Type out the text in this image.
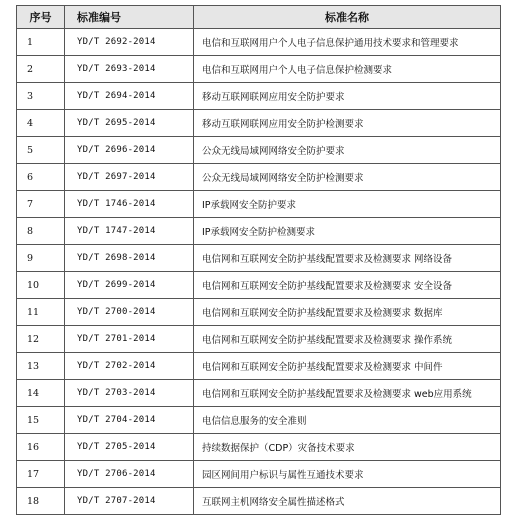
序号	标准编号	标准名称
1	YD/T 2692-2014	电信和互联网用户个人电子信息保护通用技术要求和管理要求
2	YD/T 2693-2014	电信和互联网用户个人电子信息保护检测要求
3	YD/T 2694-2014	移动互联网联网应用安全防护要求
4	YD/T 2695-2014	移动互联网联网应用安全防护检测要求
5	YD/T 2696-2014	公众无线局域网网络安全防护要求
6	YD/T 2697-2014	公众无线局域网网络安全防护检测要求
7	YD/T 1746-2014	IP承载网安全防护要求
8	YD/T 1747-2014	IP承载网安全防护检测要求
9	YD/T 2698-2014	电信网和互联网安全防护基线配置要求及检测要求 网络设备
10	YD/T 2699-2014	电信网和互联网安全防护基线配置要求及检测要求 安全设备
11	YD/T 2700-2014	电信网和互联网安全防护基线配置要求及检测要求 数据库
12	YD/T 2701-2014	电信网和互联网安全防护基线配置要求及检测要求 操作系统
13	YD/T 2702-2014	电信网和互联网安全防护基线配置要求及检测要求 中间件
14	YD/T 2703-2014	电信网和互联网安全防护基线配置要求及检测要求 web应用系统
15	YD/T 2704-2014	电信信息服务的安全准则
16	YD/T 2705-2014	持续数据保护（CDP）灾备技术要求
17	YD/T 2706-2014	园区网间用户标识与属性互通技术要求
18	YD/T 2707-2014	互联网主机网络安全属性描述格式
